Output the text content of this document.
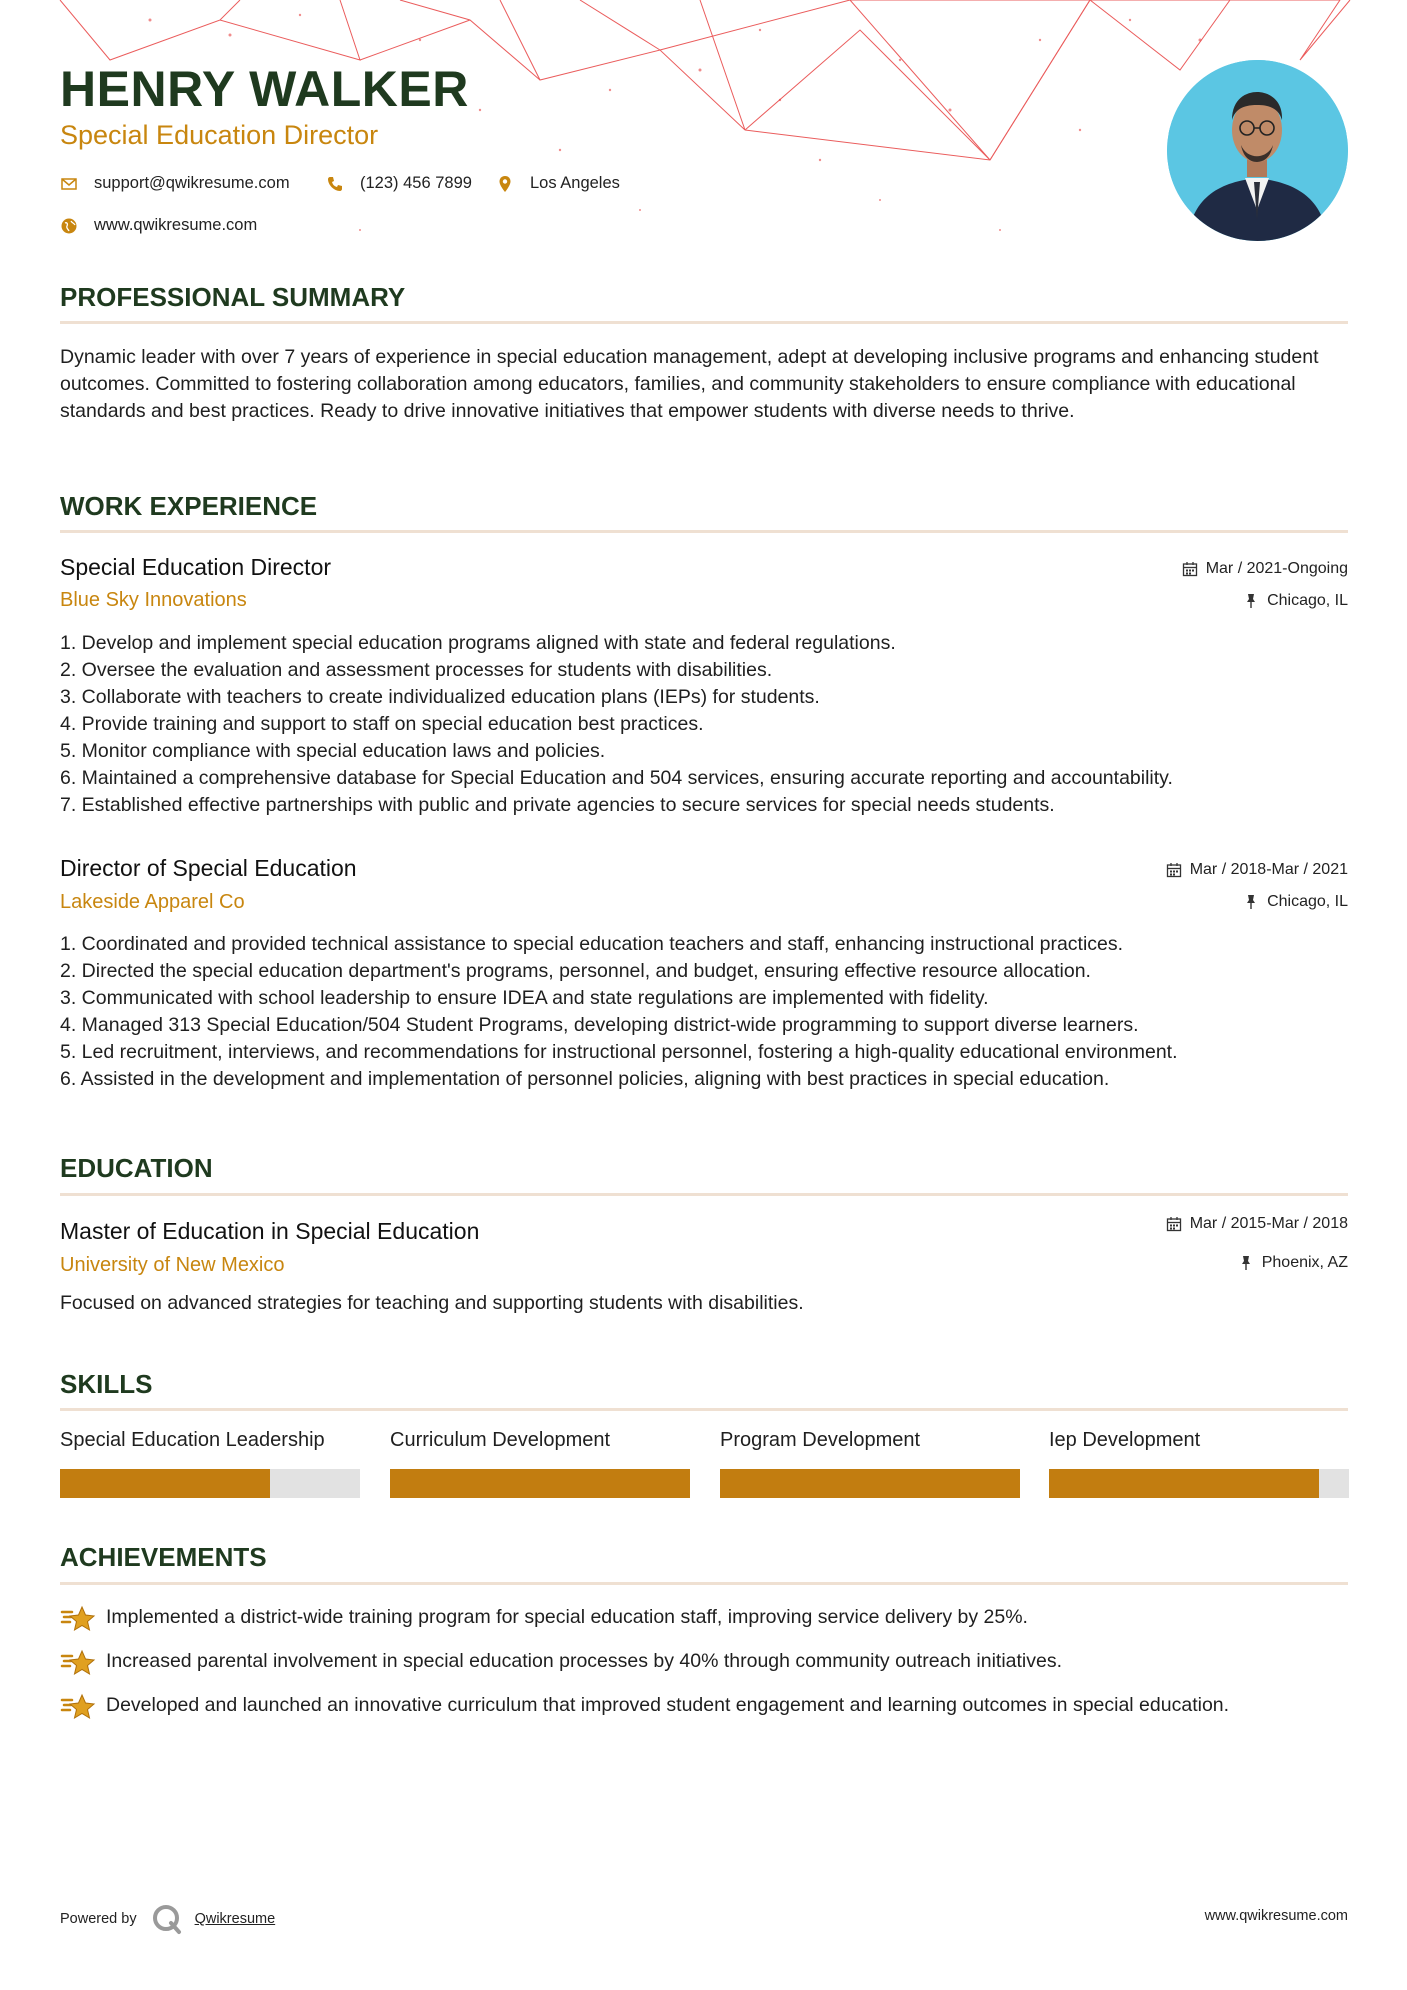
HENRY WALKER
Special Education Director
support@qwikresume.com	(123) 456 7899	Los Angeles
www.qwikresume.com
PROFESSIONAL SUMMARY
Dynamic leader with over 7 years of experience in special education management, adept at developing inclusive programs and enhancing student outcomes. Committed to fostering collaboration among educators, families, and community stakeholders to ensure compliance with educational standards and best practices. Ready to drive innovative initiatives that empower students with diverse needs to thrive.
WORK EXPERIENCE
Special Education Director
Blue Sky Innovations
Mar / 2021-Ongoing
Chicago, IL
1. Develop and implement special education programs aligned with state and federal regulations.
2. Oversee the evaluation and assessment processes for students with disabilities.
3. Collaborate with teachers to create individualized education plans (IEPs) for students.
4. Provide training and support to staff on special education best practices.
5. Monitor compliance with special education laws and policies.
6. Maintained a comprehensive database for Special Education and 504 services, ensuring accurate reporting and accountability.
7. Established effective partnerships with public and private agencies to secure services for special needs students.
Director of Special Education
Lakeside Apparel Co
Mar / 2018-Mar / 2021
Chicago, IL
1. Coordinated and provided technical assistance to special education teachers and staff, enhancing instructional practices.
2. Directed the special education department's programs, personnel, and budget, ensuring effective resource allocation.
3. Communicated with school leadership to ensure IDEA and state regulations are implemented with fidelity.
4. Managed 313 Special Education/504 Student Programs, developing district-wide programming to support diverse learners.
5. Led recruitment, interviews, and recommendations for instructional personnel, fostering a high-quality educational environment.
6. Assisted in the development and implementation of personnel policies, aligning with best practices in special education.
EDUCATION
Master of Education in Special Education
University of New Mexico
Mar / 2015-Mar / 2018
Phoenix, AZ
Focused on advanced strategies for teaching and supporting students with disabilities.
SKILLS
Special Education Leadership	Curriculum Development	Program Development	Iep Development
ACHIEVEMENTS
Implemented a district-wide training program for special education staff, improving service delivery by 25%.
Increased parental involvement in special education processes by 40% through community outreach initiatives.
Developed and launched an innovative curriculum that improved student engagement and learning outcomes in special education.
Powered by	Qwikresume	www.qwikresume.com
